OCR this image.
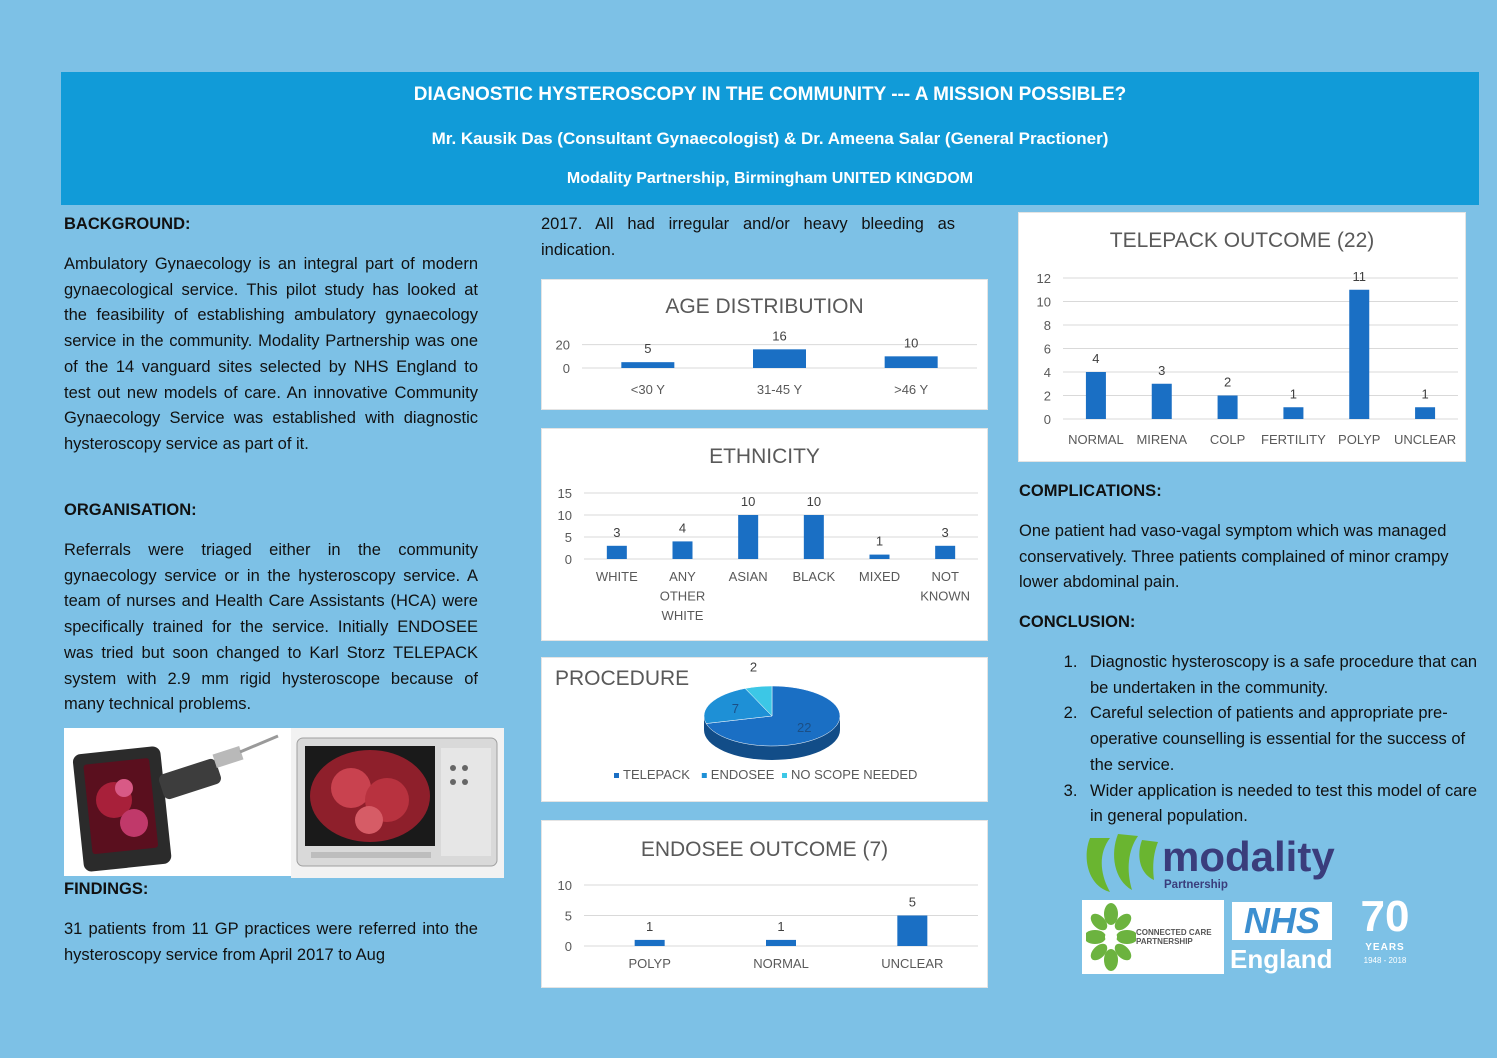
DIAGNOSTIC HYSTEROSCOPY IN THE COMMUNITY --- A MISSION POSSIBLE?
Mr. Kausik Das (Consultant Gynaecologist) & Dr. Ameena Salar (General Practioner)
Modality Partnership, Birmingham UNITED KINGDOM
BACKGROUND:
Ambulatory Gynaecology is an integral part of modern gynaecological service. This pilot study has looked at the feasibility of establishing ambulatory gynaecology service in the community. Modality Partnership was one of the 14 vanguard sites selected by NHS England to test out new models of care. An innovative Community Gynaecology Service was established with diagnostic hysteroscopy service as part of it.
ORGANISATION:
Referrals were triaged either in the community gynaecology service or in the hysteroscopy service. A team of nurses and Health Care Assistants (HCA) were specifically trained for the service. Initially ENDOSEE was tried but soon changed to Karl Storz TELEPACK system with 2.9 mm rigid hysteroscope because of many technical problems.
FINDINGS:
31 patients from 11 GP practices were referred into the hysteroscopy service from April 2017 to Aug
2017. All had irregular and/or heavy bleeding as indication.
AGE DISTRIBUTION
0
20	5
<30 Y
16
31-45 Y
10
>46 Y
ETHNICITY
0
5
10
15
3
WHITE
4
ANY
OTHER
WHITE
10
ASIAN
10
BLACK
1
MIXED
3
NOT
KNOWN
PROCEDURE
22
7
2
TELEPACK ENDOSEE NO SCOPE NEEDED
ENDOSEE OUTCOME (7)
0
5
10
1
POLYP
1
NORMAL
5
UNCLEAR
TELEPACK OUTCOME (22)
0
2
4
6
8
10
12
4
NORMAL
3
MIRENA
2
COLP
1
FERTILITY
11
POLYP
1
UNCLEAR
COMPLICATIONS:
One patient had vaso-vagal symptom which was managed conservatively. Three patients complained of minor crampy lower abdominal pain.
CONCLUSION:
1. Diagnostic hysteroscopy is a safe procedure that can be undertaken in the community.
2. Careful selection of patients and appropriate pre-operative counselling is essential for the success of the service.
3. Wider application is needed to test this model of care in general population.
modality
Partnership
CONNECTED CARE PARTNERSHIP
NHS
England
70
YEARS
1948 - 2018
